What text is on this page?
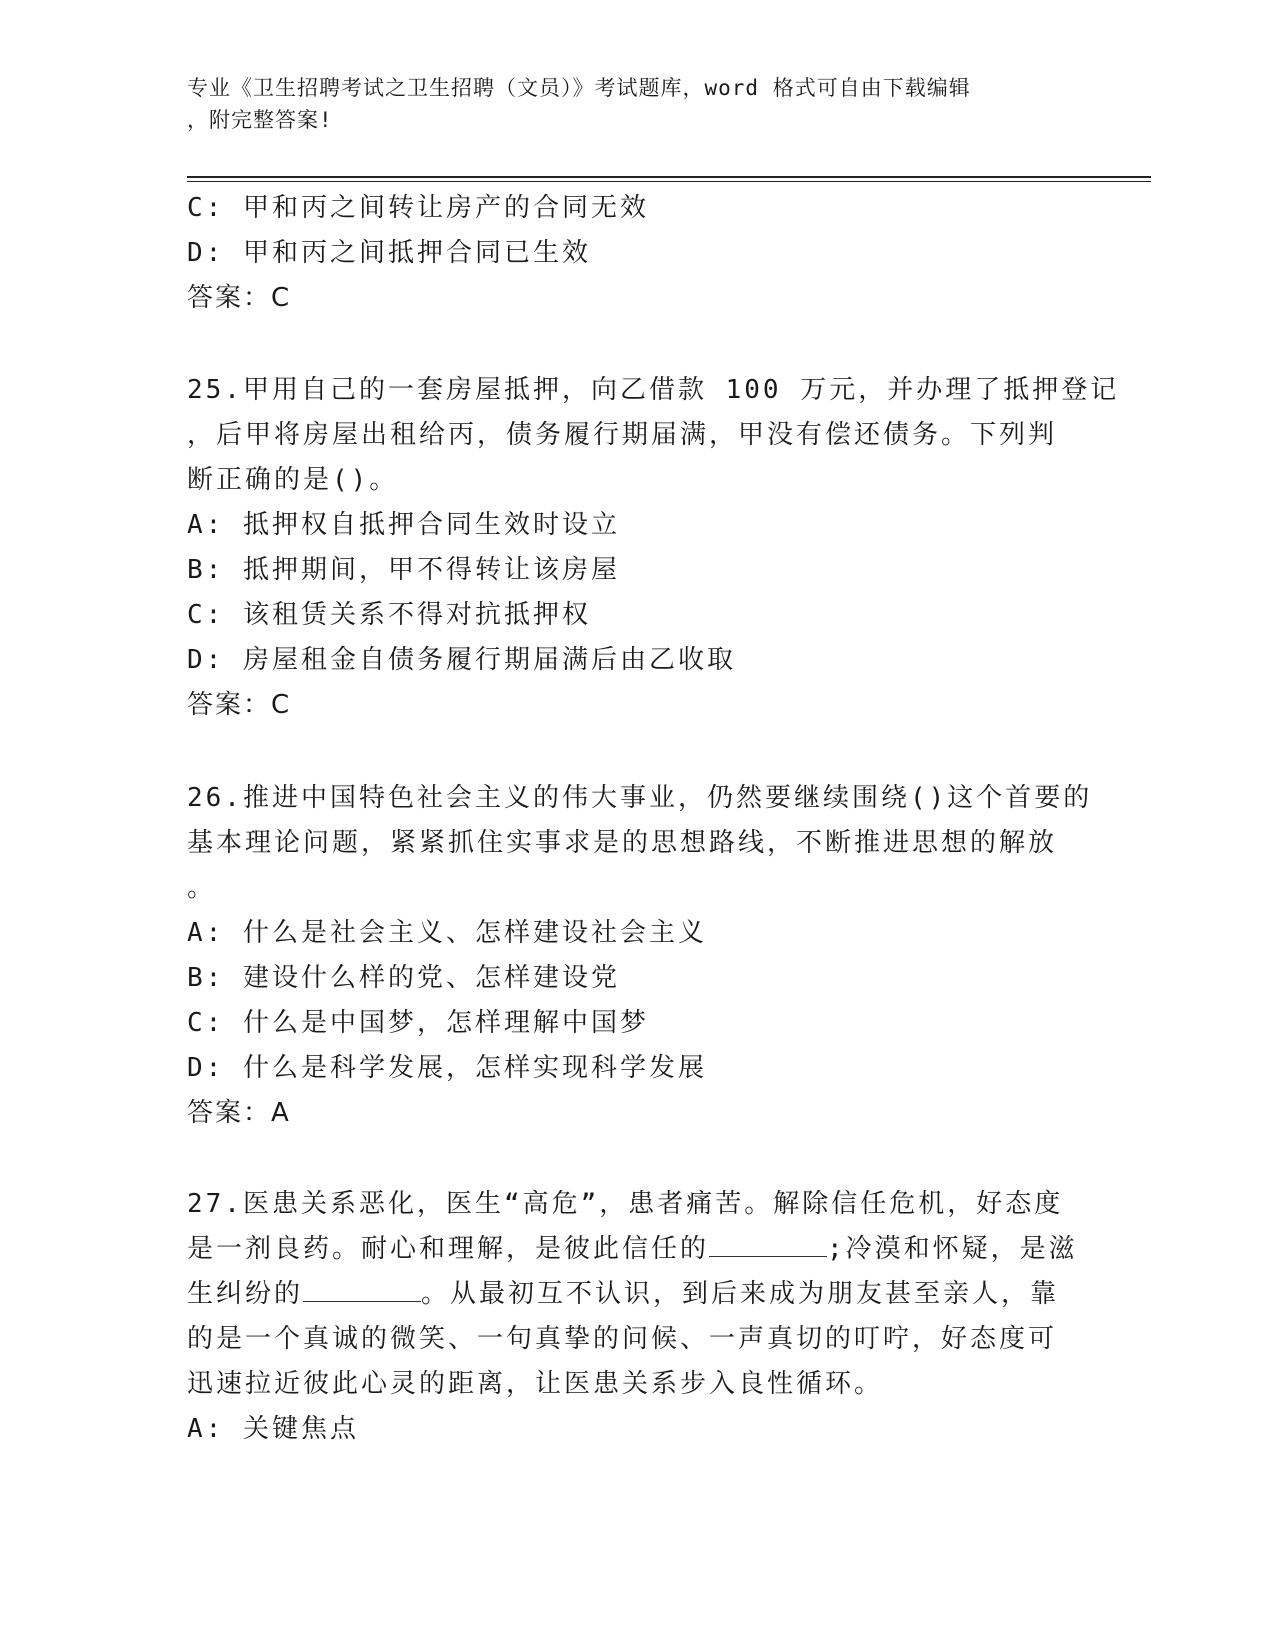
专业《卫生招聘考试之卫生招聘（文员）》考试题库，word 格式可自由下载编辑
，附完整答案!
C: 甲和丙之间转让房产的合同无效
D: 甲和丙之间抵押合同已生效
答案：C
25.甲用自己的一套房屋抵押，向乙借款 100 万元，并办理了抵押登记
，后甲将房屋出租给丙，债务履行期届满，甲没有偿还债务。下列判
断正确的是()。
A: 抵押权自抵押合同生效时设立
B: 抵押期间，甲不得转让该房屋
C: 该租赁关系不得对抗抵押权
D: 房屋租金自债务履行期届满后由乙收取
答案：C
26.推进中国特色社会主义的伟大事业，仍然要继续围绕()这个首要的
基本理论问题，紧紧抓住实事求是的思想路线，不断推进思想的解放
。
A: 什么是社会主义、怎样建设社会主义
B: 建设什么样的党、怎样建设党
C: 什么是中国梦，怎样理解中国梦
D: 什么是科学发展，怎样实现科学发展
答案：A
27.医患关系恶化，医生“高危”，患者痛苦。解除信任危机，好态度
是一剂良药。耐心和理解，是彼此信任的	;冷漠和怀疑，是滋
生纠纷的	。从最初互不认识，到后来成为朋友甚至亲人，靠
的是一个真诚的微笑、一句真挚的问候、一声真切的叮咛，好态度可
迅速拉近彼此心灵的距离，让医患关系步入良性循环。
A: 关键焦点
